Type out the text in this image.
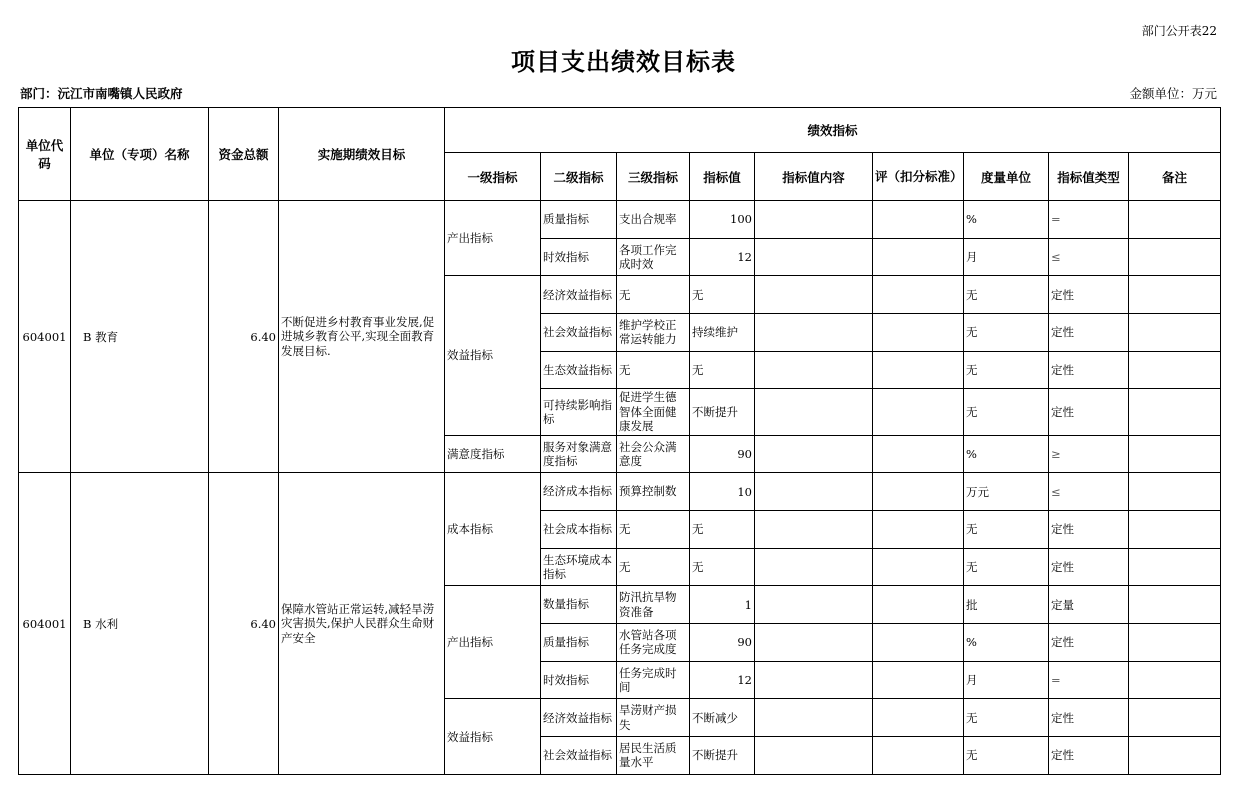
部门公开表22
项目支出绩效目标表
部门：沅江市南嘴镇人民政府	金额单位：万元
单位代码	单位（专项）名称	资金总额	实施期绩效目标	绩效指标								
				一级指标	二级指标	三级指标	指标值	指标值内容	评（扣分标准）	度量单位	指标值类型	备注
604001	B 教育	6.40	不断促进乡村教育事业发展,促进城乡教育公平,实现全面教育发展目标.	产出指标	质量指标	支出合规率	100			%	=	
					时效指标	各项工作完成时效	12			月	≤	
				效益指标	经济效益指标	无	无			无	定性	
					社会效益指标	维护学校正常运转能力	持续维护			无	定性	
					生态效益指标	无	无			无	定性	
					可持续影响指标	促进学生德智体全面健 康发展	不断提升			无	定性	
				满意度指标	服务对象满意度指标	社会公众满意度	90			%	≥	
604001	B 水利	6.40	保障水管站正常运转,减轻旱涝灾害损失,保护人民群众生命财产安全	成本指标	经济成本指标	预算控制数	10			万元	≤	
					社会成本指标	无	无			无	定性	
					生态环境成本指标	无	无			无	定性	
				产出指标	数量指标	防汛抗旱物资准备	1			批	定量	
					质量指标	水管站各项任务完成度	90			%	定性	
					时效指标	任务完成时间	12			月	=	
				效益指标	经济效益指标	旱涝财产损失	不断减少			无	定性	
					社会效益指标	居民生活质量水平	不断提升			无	定性	
